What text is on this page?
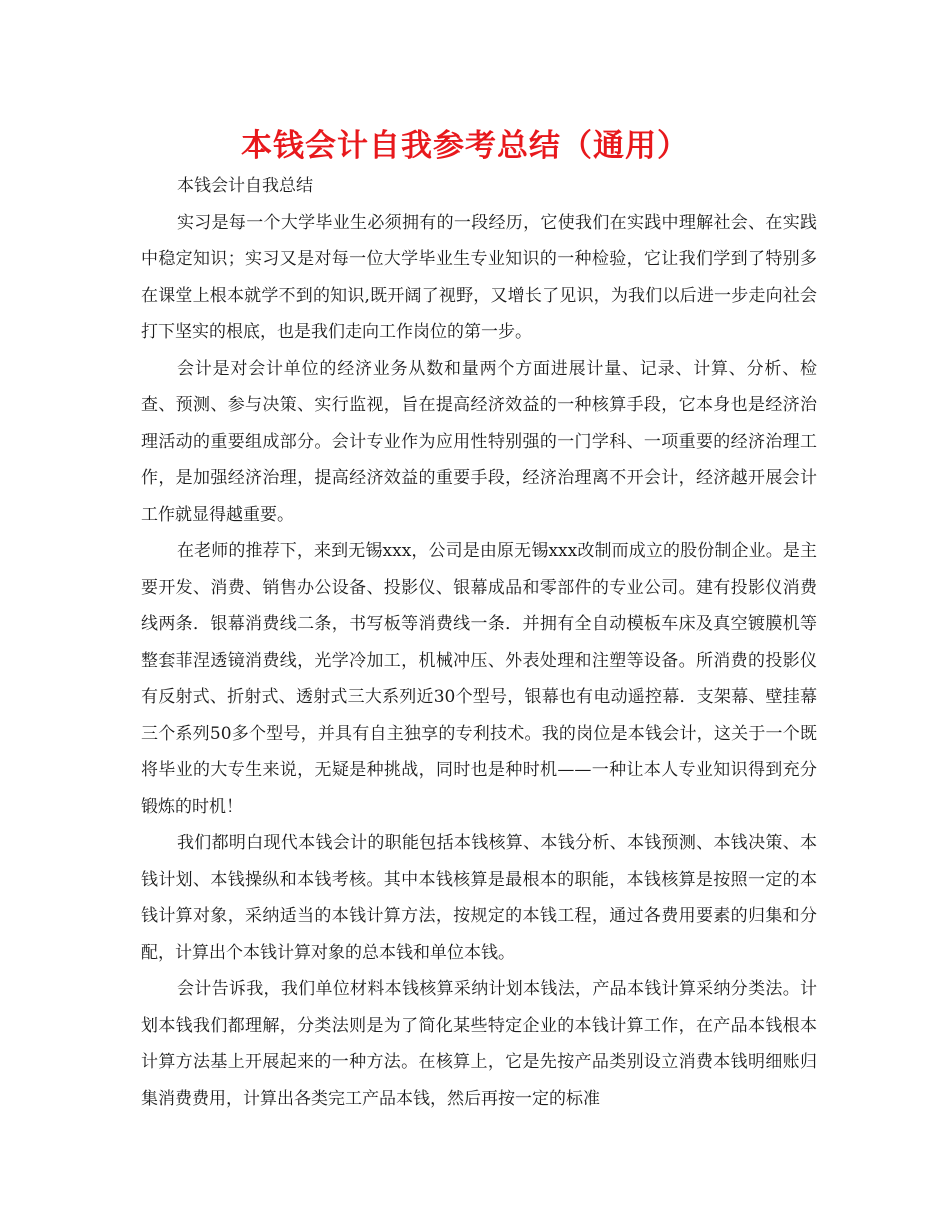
本钱会计自我参考总结（通用）

本钱会计自我总结

实习是每一个大学毕业生必须拥有的一段经历，它使我们在实践中理解社会、在实践中稳定知识；实习又是对每一位大学毕业生专业知识的一种检验，它让我们学到了特别多在课堂上根本就学不到的知识,既开阔了视野，又增长了见识，为我们以后进一步走向社会打下坚实的根底，也是我们走向工作岗位的第一步。

会计是对会计单位的经济业务从数和量两个方面进展计量、记录、计算、分析、检查、预测、参与决策、实行监视，旨在提高经济效益的一种核算手段，它本身也是经济治理活动的重要组成部分。会计专业作为应用性特别强的一门学科、一项重要的经济治理工作，是加强经济治理，提高经济效益的重要手段，经济治理离不开会计，经济越开展会计工作就显得越重要。

在老师的推荐下，来到无锡xxx，公司是由原无锡xxx改制而成立的股份制企业。是主要开发、消费、销售办公设备、投影仪、银幕成品和零部件的专业公司。建有投影仪消费线两条．银幕消费线二条，书写板等消费线一条．并拥有全自动模板车床及真空镀膜机等整套菲涅透镜消费线，光学冷加工，机械冲压、外表处理和注塑等设备。所消费的投影仪有反射式、折射式、透射式三大系列近30个型号，银幕也有电动遥控幕．支架幕、壁挂幕三个系列50多个型号，并具有自主独享的专利技术。我的岗位是本钱会计，这关于一个既将毕业的大专生来说，无疑是种挑战，同时也是种时机——一种让本人专业知识得到充分锻炼的时机！

我们都明白现代本钱会计的职能包括本钱核算、本钱分析、本钱预测、本钱决策、本钱计划、本钱操纵和本钱考核。其中本钱核算是最根本的职能，本钱核算是按照一定的本钱计算对象，采纳适当的本钱计算方法，按规定的本钱工程，通过各费用要素的归集和分配，计算出个本钱计算对象的总本钱和单位本钱。

会计告诉我，我们单位材料本钱核算采纳计划本钱法，产品本钱计算采纳分类法。计划本钱我们都理解，分类法则是为了简化某些特定企业的本钱计算工作，在产品本钱根本计算方法基上开展起来的一种方法。在核算上，它是先按产品类别设立消费本钱明细账归集消费费用，计算出各类完工产品本钱，然后再按一定的标准
